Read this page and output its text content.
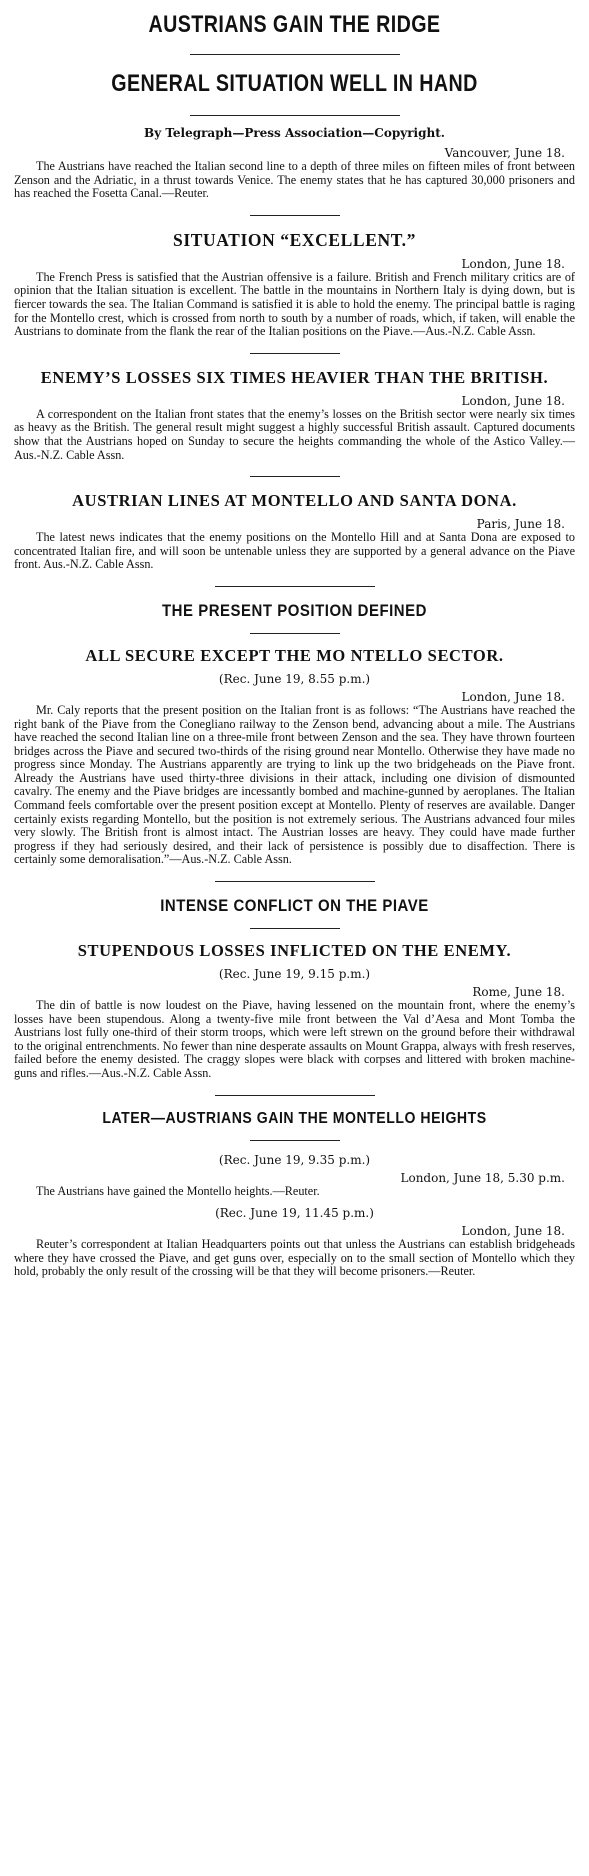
AUSTRIANS GAIN THE RIDGE
GENERAL SITUATION WELL IN HAND

By Telegraph—Press Association—Copyright.

Vancouver, June 18.

The Austrians have reached the Italian second line to a depth of three miles on fifteen miles of front between Zenson and the Adriatic, in a thrust towards Venice. The enemy states that he has captured 30,000 prisoners and has reached the Fosetta Canal.—Reuter.

SITUATION “EXCELLENT.”

London, June 18.

The French Press is satisfied that the Austrian offensive is a failure. British and French military critics are of opinion that the Italian situation is excellent. The battle in the mountains in Northern Italy is dying down, but is fiercer towards the sea. The Italian Command is satisfied it is able to hold the enemy. The principal battle is raging for the Montello crest, which is crossed from north to south by a number of roads, which, if taken, will enable the Austrians to dominate from the flank the rear of the Italian positions on the Piave.—Aus.-N.Z. Cable Assn.

ENEMY’S LOSSES SIX TIMES HEAVIER THAN THE BRITISH.

London, June 18.

A correspondent on the Italian front states that the enemy’s losses on the British sector were nearly six times as heavy as the British. The general result might suggest a highly successful British assault. Captured documents show that the Austrians hoped on Sunday to secure the heights commanding the whole of the Astico Valley.—Aus.-N.Z. Cable Assn.

AUSTRIAN LINES AT MONTELLO AND SANTA DONA.

Paris, June 18.

The latest news indicates that the enemy positions on the Montello Hill and at Santa Dona are exposed to concentrated Italian fire, and will soon be untenable unless they are supported by a general advance on the Piave front. Aus.-N.Z. Cable Assn.

THE PRESENT POSITION DEFINED
ALL SECURE EXCEPT THE MO NTELLO SECTOR.

(Rec. June 19, 8.55 p.m.)

London, June 18.

Mr. Caly reports that the present position on the Italian front is as follows: “The Austrians have reached the right bank of the Piave from the Conegliano railway to the Zenson bend, advancing about a mile. The Austrians have reached the second Italian line on a three-mile front between Zenson and the sea. They have thrown fourteen bridges across the Piave and secured two-thirds of the rising ground near Montello. Otherwise they have made no progress since Monday. The Austrians apparently are trying to link up the two bridgeheads on the Piave front. Already the Austrians have used thirty-three divisions in their attack, including one division of dismounted cavalry. The enemy and the Piave bridges are incessantly bombed and machine-gunned by aeroplanes. The Italian Command feels comfortable over the present position except at Montello. Plenty of reserves are available. Danger certainly exists regarding Montello, but the position is not extremely serious. The Austrians advanced four miles very slowly. The British front is almost intact. The Austrian losses are heavy. They could have made further progress if they had seriously desired, and their lack of persistence is possibly due to disaffection. There is certainly some demoralisation.”—Aus.-N.Z. Cable Assn.

INTENSE CONFLICT ON THE PIAVE
STUPENDOUS LOSSES INFLICTED ON THE ENEMY.

(Rec. June 19, 9.15 p.m.)

Rome, June 18.

The din of battle is now loudest on the Piave, having lessened on the mountain front, where the enemy’s losses have been stupendous. Along a twenty-five mile front between the Val d’Aesa and Mont Tomba the Austrians lost fully one-third of their storm troops, which were left strewn on the ground before their withdrawal to the original entrenchments. No fewer than nine desperate assaults on Mount Grappa, always with fresh reserves, failed before the enemy desisted. The craggy slopes were black with corpses and littered with broken machine-guns and rifles.—Aus.-N.Z. Cable Assn.

LATER—AUSTRIANS GAIN THE MONTELLO HEIGHTS

(Rec. June 19, 9.35 p.m.)

London, June 18, 5.30 p.m.

The Austrians have gained the Montello heights.—Reuter.

(Rec. June 19, 11.45 p.m.)

London, June 18.

Reuter’s correspondent at Italian Headquarters points out that unless the Austrians can establish bridgeheads where they have crossed the Piave, and get guns over, especially on to the small section of Montello which they hold, probably the only result of the crossing will be that they will become prisoners.—Reuter.
